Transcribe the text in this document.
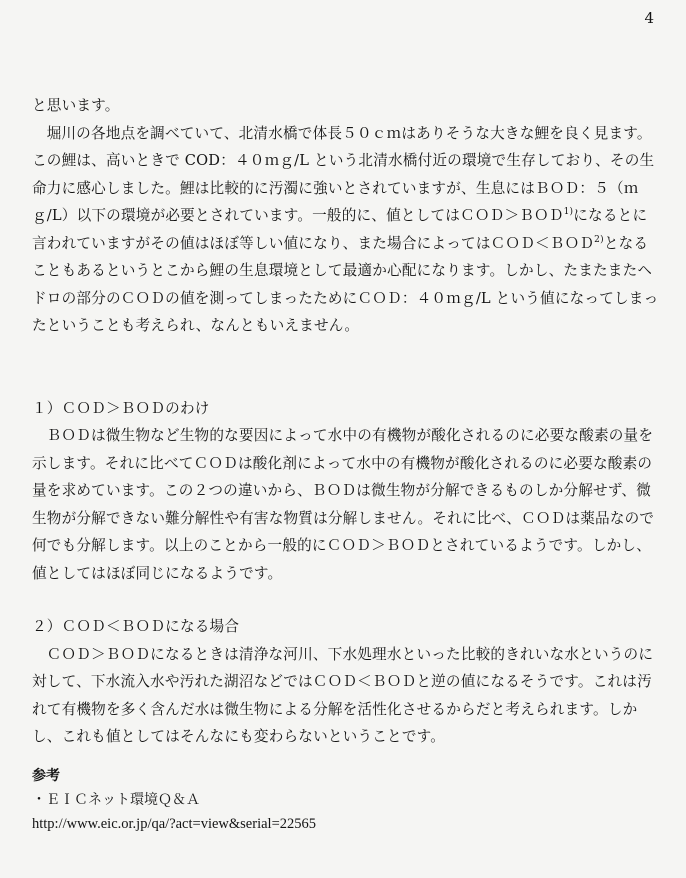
4

と思います。

堀川の各地点を調べていて、北清水橋で体長５０ｃｍはありそうな大きな鯉を良く見ます。この鯉は、高いときで COD：４０ｍｇ/L という北清水橋付近の環境で生存しており、その生命力に感心しました。鯉は比較的に汚濁に強いとされていますが、生息にはＢＯＤ：５（ｍｇ/L）以下の環境が必要とされています。一般的に、値としてはＣＯＤ＞ＢＯＤ$^{1)}$になるとに言われていますがその値はほぼ等しい値になり、また場合によってはＣＯＤ＜ＢＯＤ$^{2)}$となることもあるというとこから鯉の生息環境として最適か心配になります。しかし、たまたまたヘドロの部分のＣＯＤの値を測ってしまったためにＣＯＤ：４０ｍｇ/L という値になってしまったということも考えられ、なんともいえません。

１）ＣＯＤ＞ＢＯＤのわけ

ＢＯＤは微生物など生物的な要因によって水中の有機物が酸化されるのに必要な酸素の量を示します。それに比べてＣＯＤは酸化剤によって水中の有機物が酸化されるのに必要な酸素の量を求めています。この２つの違いから、ＢＯＤは微生物が分解できるものしか分解せず、微生物が分解できない難分解性や有害な物質は分解しません。それに比べ、ＣＯＤは薬品なので何でも分解します。以上のことから一般的にＣＯＤ＞ＢＯＤとされているようです。しかし、値としてはほぼ同じになるようです。

２）ＣＯＤ＜ＢＯＤになる場合

ＣＯＤ＞ＢＯＤになるときは清浄な河川、下水処理水といった比較的きれいな水というのに対して、下水流入水や汚れた湖沼などではＣＯＤ＜ＢＯＤと逆の値になるそうです。これは汚れて有機物を多く含んだ水は微生物による分解を活性化させるからだと考えられます。しかし、これも値としてはそんなにも変わらないということです。

参考
・ＥＩＣネット環境Ｑ＆Ａ
http://www.eic.or.jp/qa/?act=view&serial=22565
